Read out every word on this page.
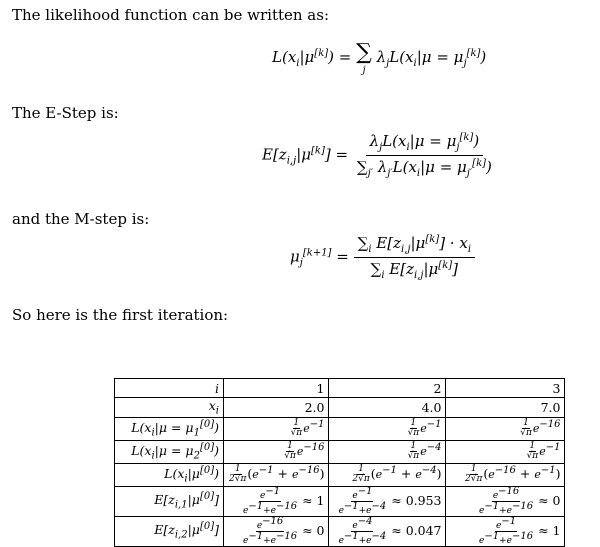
The likelihood function can be written as:
$L(x_i|\mu[k])$ = ∑
j
$\lambda_jL(x_i|\mu = \mu_j[k])$
The E-Step is:
$E[z_{i,j}|\mu[k]] = \frac{\lambda_jL(x_i|\mu = \mu_j^{[k]})}{\sum_{j'} \lambda_{j'}L(x_i|\mu = \mu_{j'}^{[k]})}$
and the M-step is:
$\mu_j[k+1] = \frac{\sum_i E[z_{i,j}|\mu^{[k]}] \cdot x_i}{\sum_i E[z_{i,j}|\mu^{[k]}]}$
So here is the first iteration:
i	1	2	3
$x_i$	2.0	4.0	7.0
$L(x_i|\mu = \mu_1[0])$	$\frac{1}{√\pi} e^{-1}$	$\frac{1}{√\pi} e^{-1}$	$\frac{1}{√\pi} e^{-16}$
$L(x_i|\mu = \mu_2[0])$	$\frac{1}{√\pi} e^{-16}$	$\frac{1}{√\pi} e^{-4}$	$\frac{1}{√\pi} e^{-1}$
$L(x_i|\mu[0])$	$\frac{1}{2√\pi} (e^{-1} + e^{-16})$	$\frac{1}{2√\pi} (e^{-1} + e^{-4})$	$\frac{1}{2√\pi} (e^{-16} + e^{-1})$
$E[z_{i,1}|\mu[0]]$	$\frac{e^{-1}}{e^{-1}+e^{-16}} \approx 1$	$\frac{e^{-1}}{e^{-1}+e^{-4}} \approx 0.953$	$\frac{e^{-16}}{e^{-1}+e^{-16}} \approx 0$
$E[z_{i,2}|\mu[0]]$	$\frac{e^{-16}}{e^{-1}+e^{-16}} \approx 0$	$\frac{e^{-4}}{e^{-1}+e^{-4}} \approx 0.047$	$\frac{e^{-1}}{e^{-1}+e^{-16}} \approx 1$
